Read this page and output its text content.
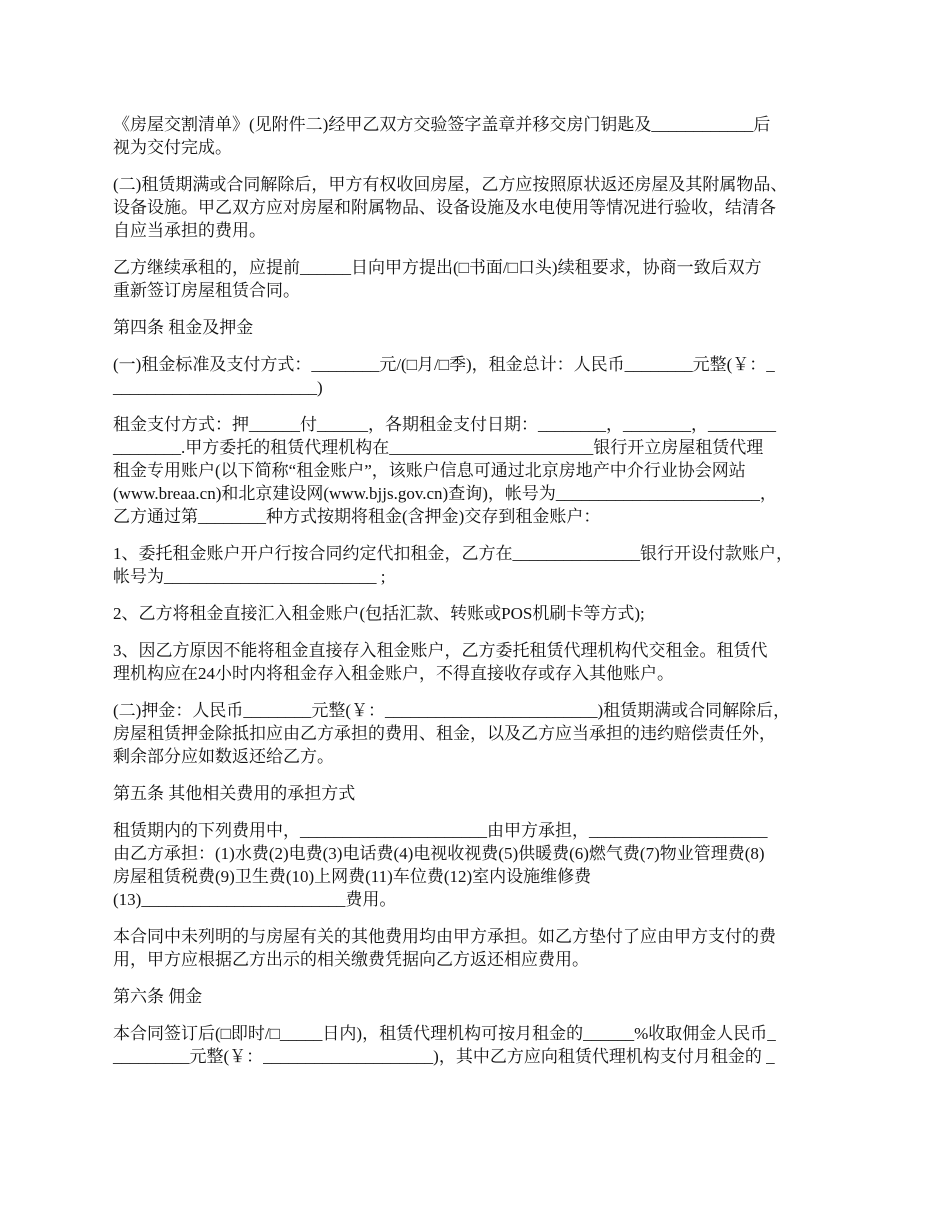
《房屋交割清单》(见附件二)经甲乙双方交验签字盖章并移交房门钥匙及____________后
视为交付完成。
(二)租赁期满或合同解除后，甲方有权收回房屋，乙方应按照原状返还房屋及其附属物品、
设备设施。甲乙双方应对房屋和附属物品、设备设施及水电使用等情况进行验收，结清各
自应当承担的费用。
乙方继续承租的，应提前______日向甲方提出(□书面/□口头)续租要求，协商一致后双方
重新签订房屋租赁合同。
第四条 租金及押金
(一)租金标准及支付方式：________元/(□月/□季)，租金总计：人民币________元整(￥：_
________________________)
租金支付方式：押______付______，各期租金支付日期：________，________，________
________.甲方委托的租赁代理机构在________________________银行开立房屋租赁代理
租金专用账户(以下简称“租金账户”，该账户信息可通过北京房地产中介行业协会网站
(www.breaa.cn)和北京建设网(www.bjjs.gov.cn)查询)，帐号为________________________，
乙方通过第________种方式按期将租金(含押金)交存到租金账户：
1、委托租金账户开户行按合同约定代扣租金，乙方在_______________银行开设付款账户，
帐号为_________________________ ;
2、乙方将租金直接汇入租金账户(包括汇款、转账或POS机刷卡等方式);
3、因乙方原因不能将租金直接存入租金账户，乙方委托租赁代理机构代交租金。租赁代
理机构应在24小时内将租金存入租金账户，不得直接收存或存入其他账户。
(二)押金：人民币________元整(￥：_________________________)租赁期满或合同解除后，
房屋租赁押金除抵扣应由乙方承担的费用、租金，以及乙方应当承担的违约赔偿责任外，
剩余部分应如数返还给乙方。
第五条 其他相关费用的承担方式
租赁期内的下列费用中，______________________由甲方承担，_____________________
由乙方承担：(1)水费(2)电费(3)电话费(4)电视收视费(5)供暖费(6)燃气费(7)物业管理费(8)
房屋租赁税费(9)卫生费(10)上网费(11)车位费(12)室内设施维修费
(13)________________________费用。
本合同中未列明的与房屋有关的其他费用均由甲方承担。如乙方垫付了应由甲方支付的费
用，甲方应根据乙方出示的相关缴费凭据向乙方返还相应费用。
第六条 佣金
本合同签订后(□即时/□_____日内)，租赁代理机构可按月租金的______%收取佣金人民币_
_________元整(￥：____________________)，其中乙方应向租赁代理机构支付月租金的 _
